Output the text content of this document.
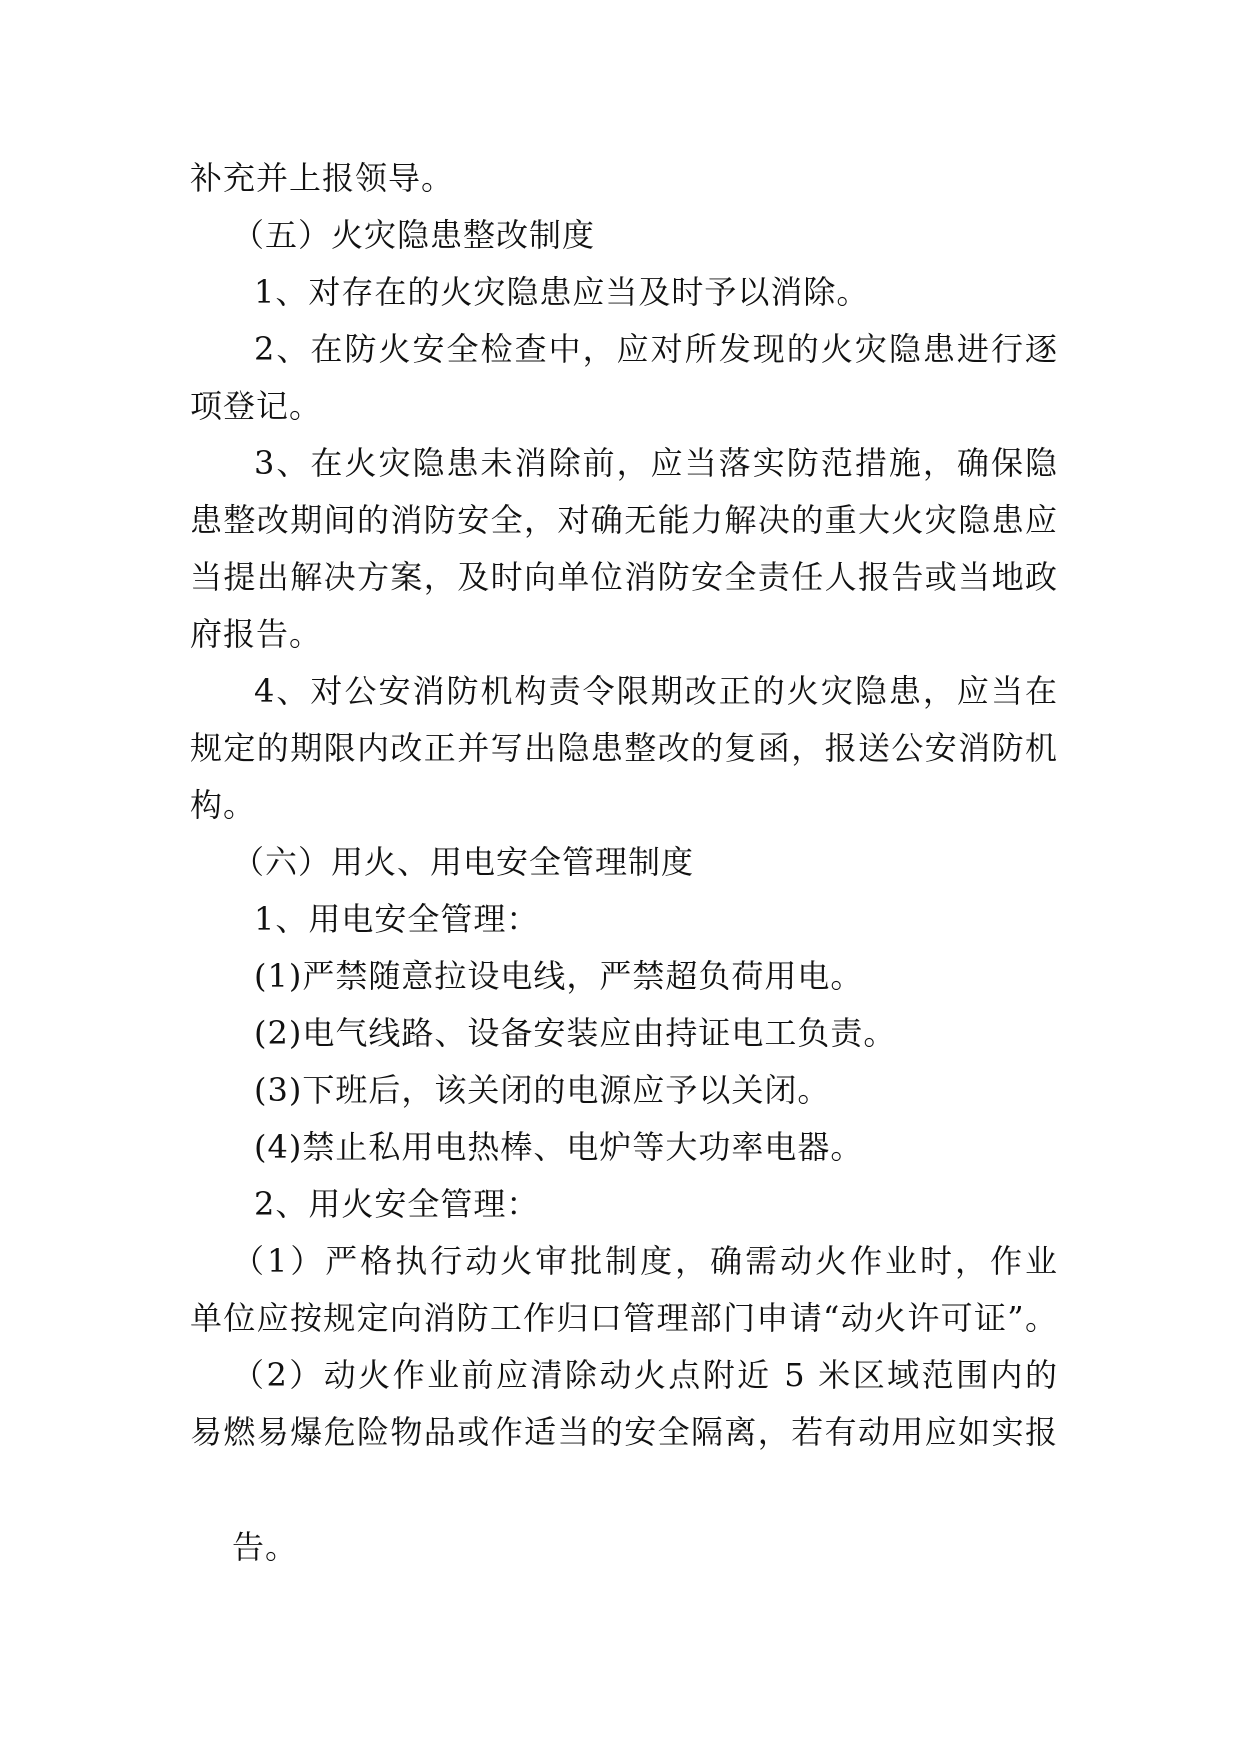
补充并上报领导。
（五）火灾隐患整改制度
1、对存在的火灾隐患应当及时予以消除。
2、在防火安全检查中，应对所发现的火灾隐患进行逐
项登记。
3、在火灾隐患未消除前，应当落实防范措施，确保隐
患整改期间的消防安全，对确无能力解决的重大火灾隐患应
当提出解决方案，及时向单位消防安全责任人报告或当地政
府报告。
4、对公安消防机构责令限期改正的火灾隐患，应当在
规定的期限内改正并写出隐患整改的复函，报送公安消防机
构。
（六）用火、用电安全管理制度
1、用电安全管理：
(1)严禁随意拉设电线，严禁超负荷用电。
(2)电气线路、设备安装应由持证电工负责。
(3)下班后，该关闭的电源应予以关闭。
(4)禁止私用电热棒、电炉等大功率电器。
2、用火安全管理：
（1）严格执行动火审批制度，确需动火作业时，作业
单位应按规定向消防工作归口管理部门申请“动火许可证”。
（2）动火作业前应清除动火点附近 5 米区域范围内的
易燃易爆危险物品或作适当的安全隔离，若有动用应如实报
告。
